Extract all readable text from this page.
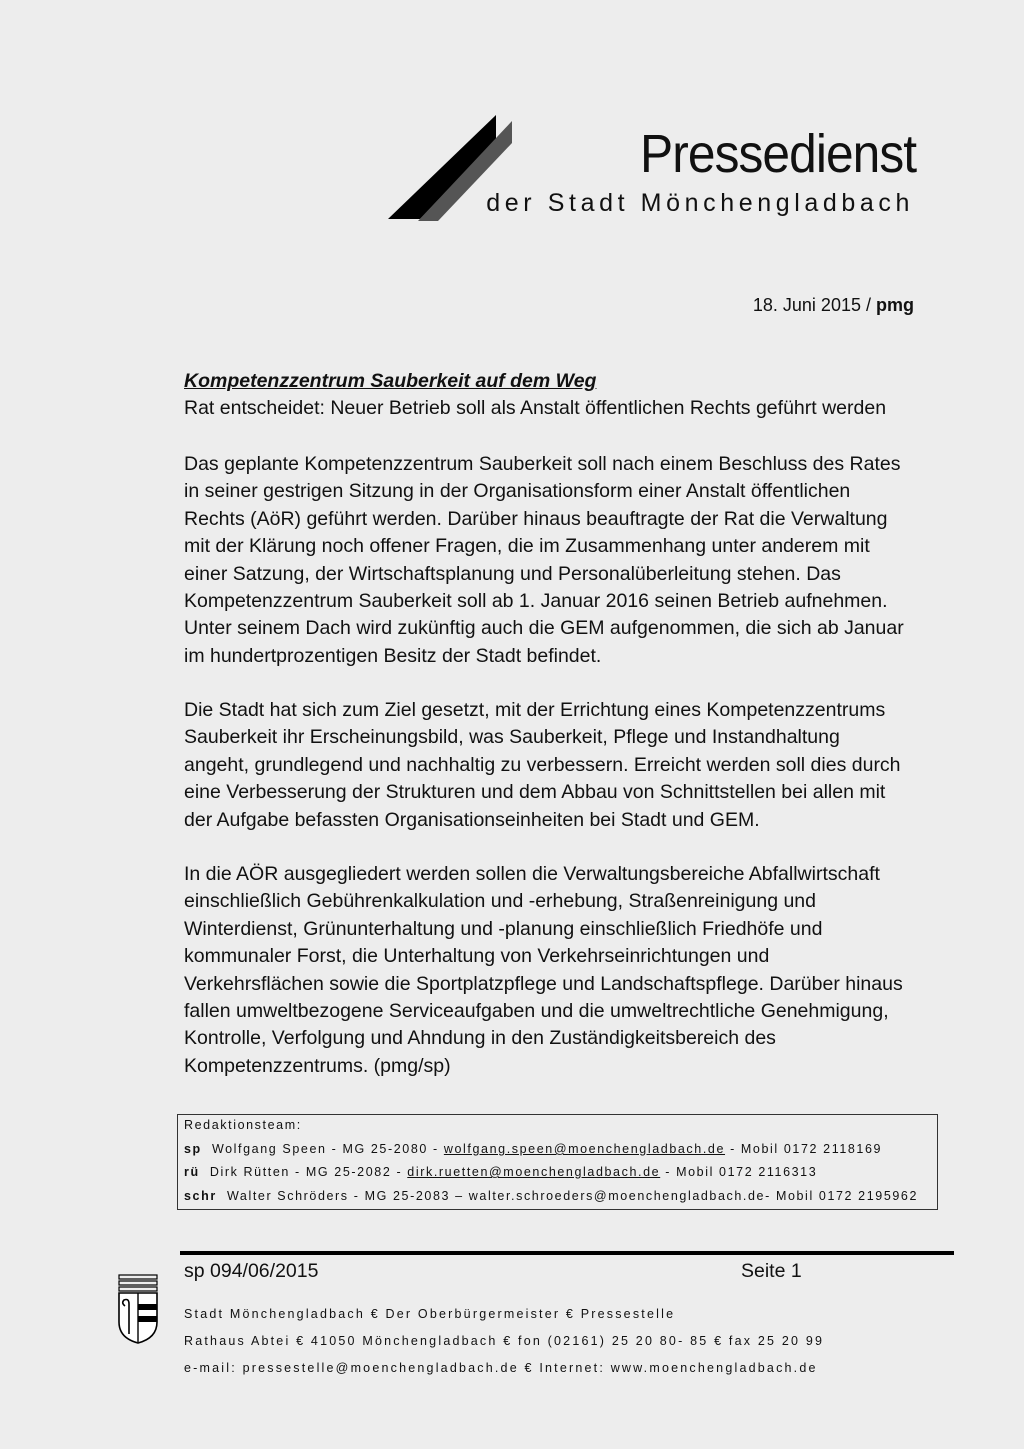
Pressedienst
der Stadt Mönchengladbach
18. Juni 2015 / pmg
Kompetenzzentrum Sauberkeit auf dem Weg
Rat entscheidet: Neuer Betrieb soll als Anstalt öffentlichen Rechts geführt werden
Das geplante Kompetenzzentrum Sauberkeit soll nach einem Beschluss des Rates
in seiner gestrigen Sitzung in der Organisationsform einer Anstalt öffentlichen
Rechts (AöR) geführt werden. Darüber hinaus beauftragte der Rat die Verwaltung
mit der Klärung noch offener Fragen, die im Zusammenhang unter anderem mit
einer Satzung, der Wirtschaftsplanung und Personalüberleitung stehen. Das
Kompetenzzentrum Sauberkeit soll ab 1. Januar 2016 seinen Betrieb aufnehmen.
Unter seinem Dach wird zukünftig auch die GEM aufgenommen, die sich ab Januar
im hundertprozentigen Besitz der Stadt befindet.
Die Stadt hat sich zum Ziel gesetzt, mit der Errichtung eines Kompetenzzentrums
Sauberkeit ihr Erscheinungsbild, was Sauberkeit, Pflege und Instandhaltung
angeht, grundlegend und nachhaltig zu verbessern. Erreicht werden soll dies durch
eine Verbesserung der Strukturen und dem Abbau von Schnittstellen bei allen mit
der Aufgabe befassten Organisationseinheiten bei Stadt und GEM.
In die AÖR ausgegliedert werden sollen die Verwaltungsbereiche Abfallwirtschaft
einschließlich Gebührenkalkulation und -erhebung, Straßenreinigung und
Winterdienst, Grünunterhaltung und -planung einschließlich Friedhöfe und
kommunaler Forst, die Unterhaltung von Verkehrseinrichtungen und
Verkehrsflächen sowie die Sportplatzpflege und Landschaftspflege. Darüber hinaus
fallen umweltbezogene Serviceaufgaben und die umweltrechtliche Genehmigung,
Kontrolle, Verfolgung und Ahndung in den Zuständigkeitsbereich des
Kompetenzzentrums. (pmg/sp)
Redaktionsteam:
sp Wolfgang Speen - MG 25-2080 - wolfgang.speen@moenchengladbach.de - Mobil 0172 2118169
rü Dirk Rütten - MG 25-2082 - dirk.ruetten@moenchengladbach.de - Mobil 0172 2116313
schr Walter Schröders - MG 25-2083 – walter.schroeders@moenchengladbach.de- Mobil 0172 2195962
sp 094/06/2015	Seite 1
Stadt Mönchengladbach € Der Oberbürgermeister € Pressestelle
Rathaus Abtei € 41050 Mönchengladbach € fon (02161) 25 20 80- 85 € fax 25 20 99
e-mail: pressestelle@moenchengladbach.de € Internet: www.moenchengladbach.de
